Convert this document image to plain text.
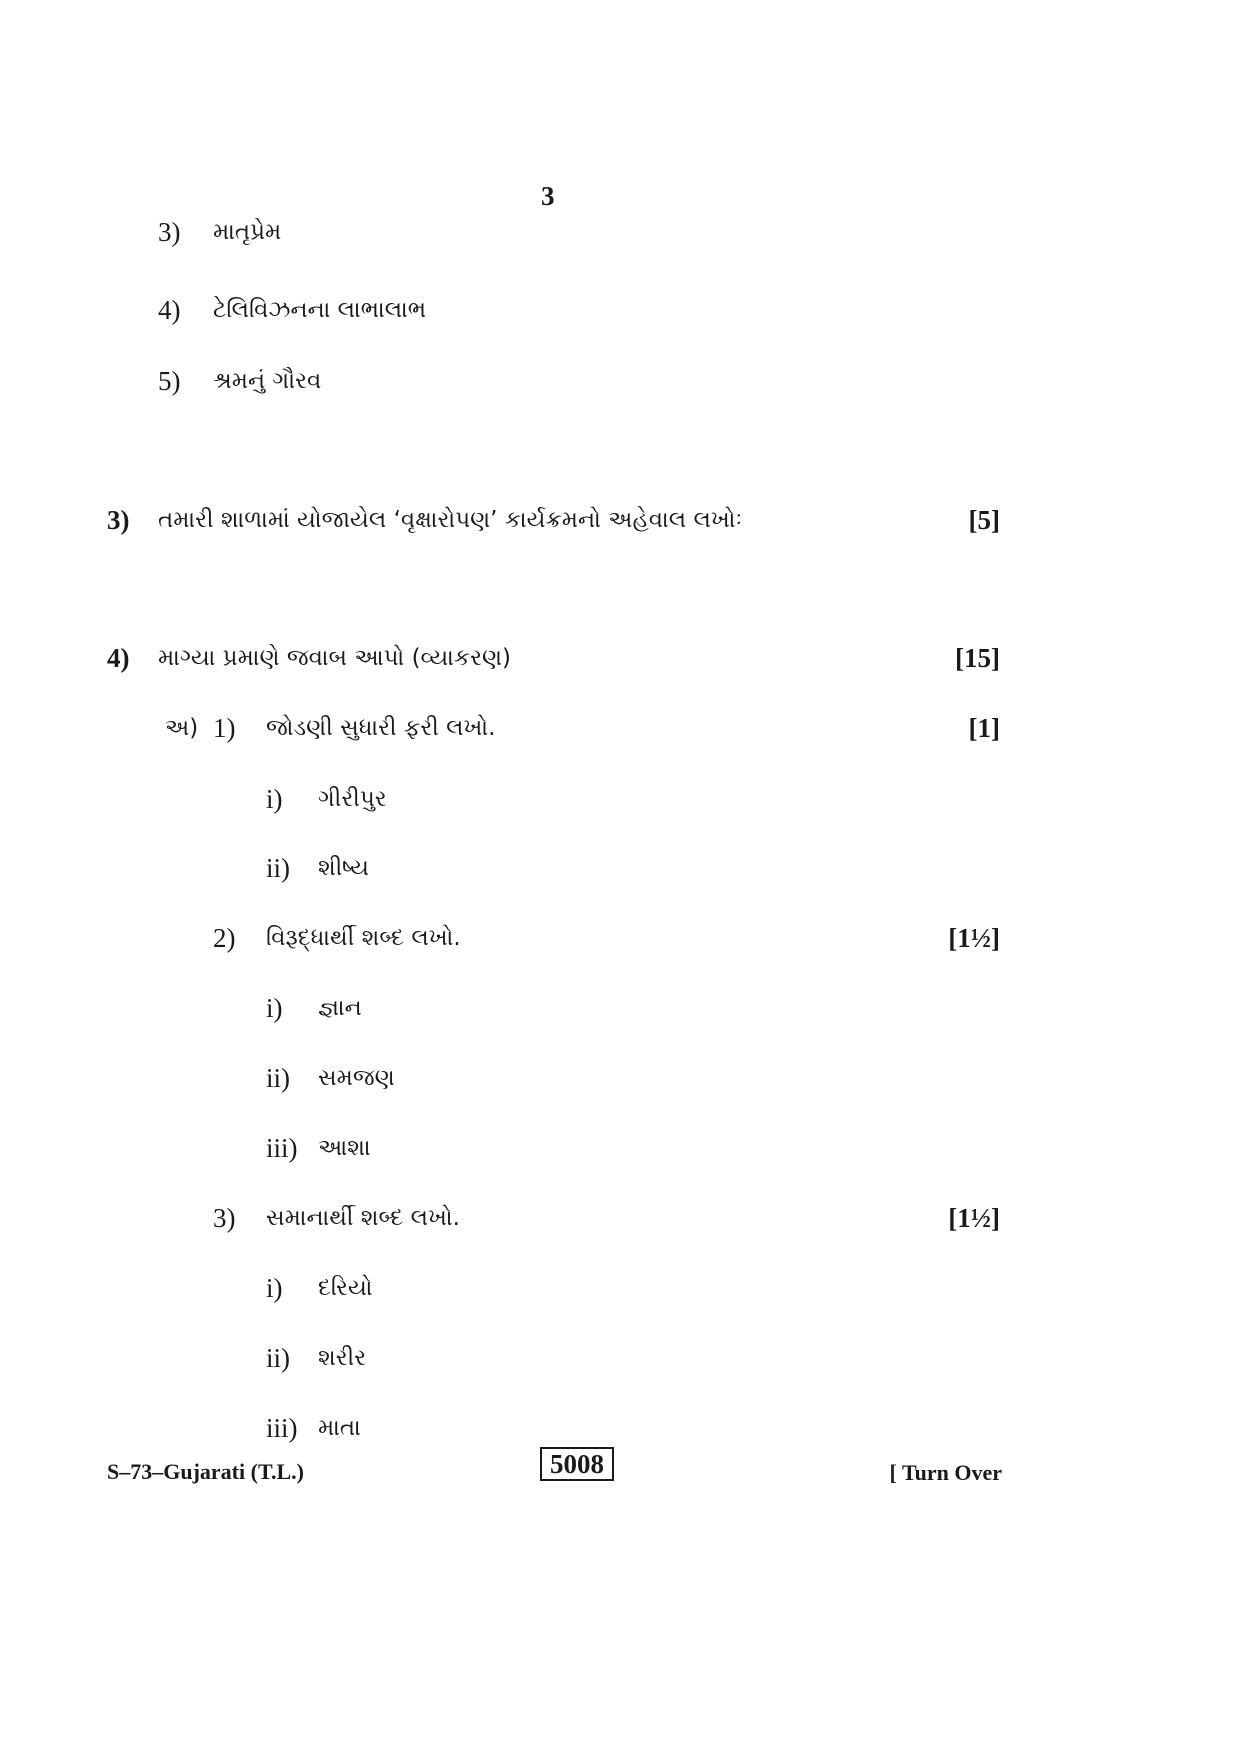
3
3) માતૃપ્રેમ
4) ટેલિવિઝનના લાભાલાભ
5) શ્રમનું ગૌરવ
3) તમારી શાળામાં યોજાયેલ ‘વૃક્ષારોપણ’ કાર્યક્રમનો અહેવાલ લખોઃ	[5]
4) માગ્યા પ્રમાણે જવાબ આપો (વ્યાકરણ)	[15]
અ) 1) જોડણી સુધારી ફરી લખો.	[1]
i) ગીરીપુર
ii) શીષ્ય
2) વિરૂદ્ધાર્થી શબ્દ લખો.	[1½]
i) જ્ઞાન
ii) સમજણ
iii) આશા
3) સમાનાર્થી શબ્દ લખો.	[1½]
i) દરિયો
ii) શરીર
iii) માતા
S–73–Gujarati (T.L.)	5008	[ Turn Over
